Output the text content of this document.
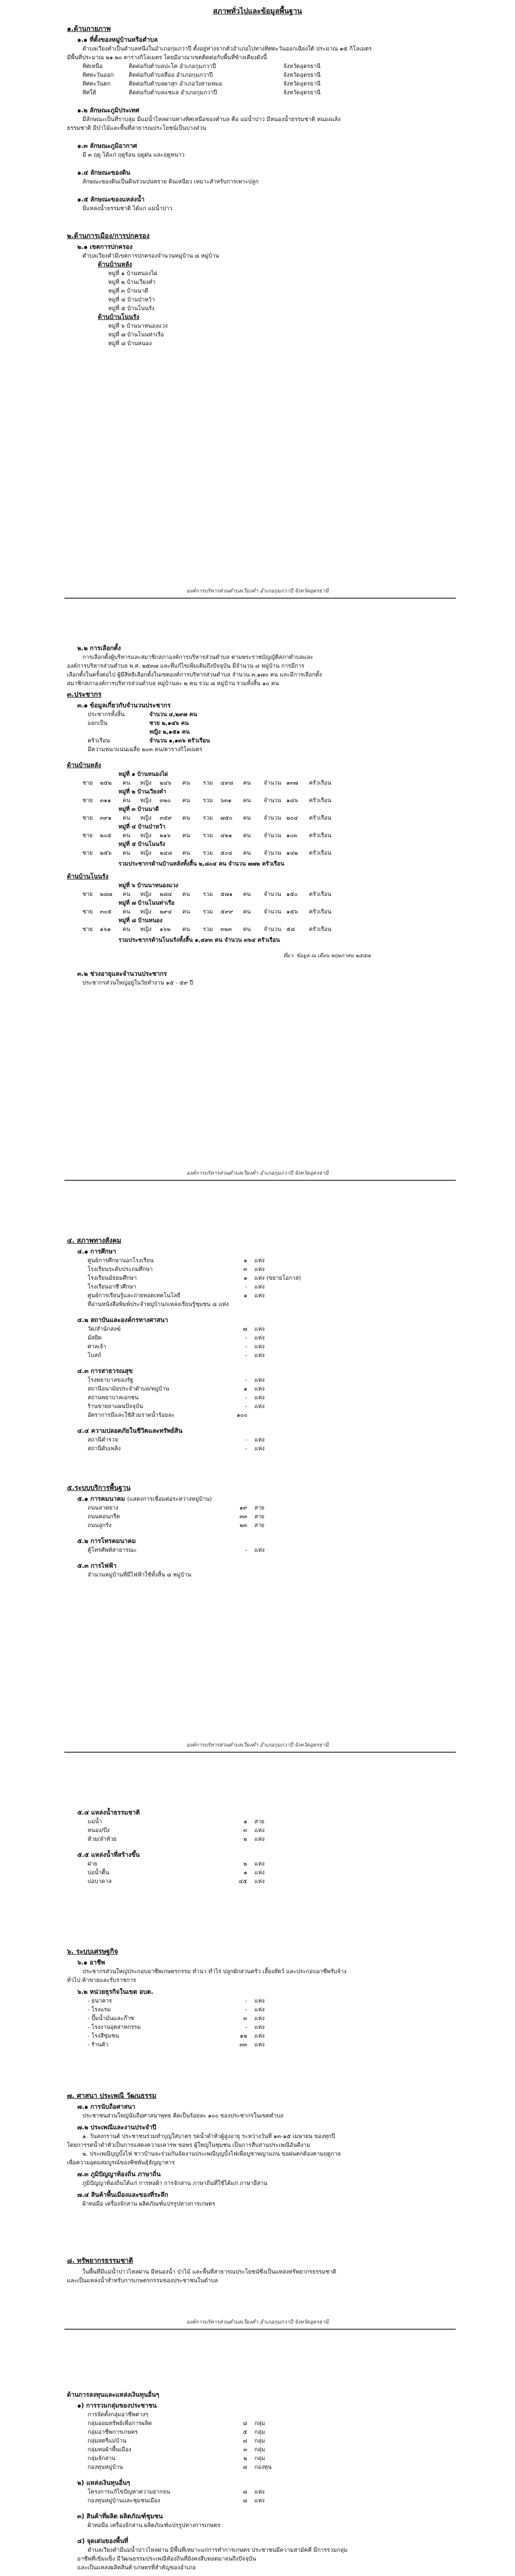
สภาพทั่วไปและข้อมูลพื้นฐาน

๑.ด้านกายภาพ

๑.๑ ที่ตั้งของหมู่บ้านหรือตำบล

ตำบลเวียงคำเป็นตำบลหนึ่งในอำเภอกุมภวาปี ตั้งอยู่ห่างจากตัวอำเภอไปทางทิศตะวันออกเฉียงใต้ ประมาณ ๑๕ กิโลเมตร

มีพื้นที่ประมาณ ๒๑.๒๐ ตารางกิโลเมตร โดยมีอาณาเขตติดต่อกับพื้นที่ข้างเคียงดังนี้

ทิศเหนือ	ติดต่อกับตำบลปะโค อำเภอกุมภวาปี	จังหวัดอุดรธานี
ทิศตะวันออก	ติดต่อกับตำบลสีออ อำเภอกุมภวาปี	จังหวัดอุดรธานี
ทิศตะวันตก	ติดต่อกับตำบลผาสุก อำเภอวังสามหมอ	จังหวัดอุดรธานี
ทิศใต้	ติดต่อกับตำบลแชแล อำเภอกุมภวาปี	จังหวัดอุดรธานี

๑.๒ ลักษณะภูมิประเทศ

มีลักษณะเป็นที่ราบลุ่ม มีแม่น้ำไหลผ่านทางทิศเหนือของตำบล คือ แม่น้ำปาว มีหนองน้ำธรรมชาติ หนองแล้ง

ธรรมชาติ มีป่าไม้และพื้นที่สาธารณประโยชน์เป็นบางส่วน

๑.๓ ลักษณะภูมิอากาศ

มี ๓ ฤดู ได้แก่ ฤดูร้อน ฤดูฝน และฤดูหนาว

๑.๔ ลักษณะของดิน

ลักษณะของดินเป็นดินร่วนปนทราย ดินเหนียว เหมาะสำหรับการเพาะปลูก

๑.๕ ลักษณะของแหล่งน้ำ

มีแหล่งน้ำธรรมชาติ ได้แก่ แม่น้ำปาว

๒.ด้านการเมือง/การปกครอง

๒.๑ เขตการปกครอง

ตำบลเวียงคำมีเขตการปกครองจำนวนหมู่บ้าน ๘ หมู่บ้าน

ด้านบ้านหลัง

หมู่ที่ ๑ บ้านหนองไผ่

หมู่ที่ ๒ บ้านเวียงคำ

หมู่ที่ ๓ บ้านนาดี

หมู่ที่ ๔ บ้านป่าหว้า

หมู่ที่ ๕ บ้านโนนรัง

ด้านบ้านโนนรัง

หมู่ที่ ๖ บ้านนาหนองแวง

หมู่ที่ ๗ บ้านโนนท่าเรือ

หมู่ที่ ๘ บ้านหนอง

องค์การบริหารส่วนตำบลเวียงคำ อำเภอกุมภวาปี จังหวัดอุดรธานี

๒.๒ การเลือกตั้ง

การเลือกตั้งผู้บริหารและสมาชิกสภาองค์การบริหารส่วนตำบล ตามพระราชบัญญัติสภาตำบลและ

องค์การบริหารส่วนตำบล พ.ศ. ๒๕๓๗ และที่แก้ไขเพิ่มเติมถึงปัจจุบัน มีจำนวน ๘ หมู่บ้าน การมีการ

เลือกตั้งในครั้งต่อไป ผู้มีสิทธิเลือกตั้งในเขตองค์การบริหารส่วนตำบล จำนวน ๓,๑๗๐ คน และมีการเลือกตั้ง

สมาชิกสภาองค์การบริหารส่วนตำบล หมู่บ้านละ ๒ คน รวม ๘ หมู่บ้าน รวมทั้งสิ้น ๑๐ คน

๓.ประชากร

๓.๑ ข้อมูลเกี่ยวกับจำนวนประชากร

ประชากรทั้งสิ้น	จำนวน ๔,๒๙๗ คน
แยกเป็น	ชาย ๒,๑๔๖ คน
หญิง ๒,๑๕๑ คน
ครัวเรือน	จำนวน ๑,๑๓๖ ครัวเรือน
มีความหนาแน่นเฉลี่ย ๒๐๓ คน/ตารางกิโลเมตร

ด้านบ้านหลัง

หมู่ที่ ๑ บ้านหนองไผ่
ชาย ๒๕๒ คน หญิง ๒๔๖ คน รวม ๔๙๘ คน จำนวน ๑๓๗ ครัวเรือน
หมู่ที่ ๒ บ้านเวียงคำ
ชาย ๓๑๑ คน หญิง ๓๒๐ คน รวม ๖๓๑ คน จำนวน ๑๘๖ ครัวเรือน
หมู่ที่ ๓ บ้านนาดี
ชาย ๓๙๑ คน หญิง ๓๕๙ คน รวม ๗๕๐ คน จำนวน ๒๐๔ ครัวเรือน
หมู่ที่ ๔ บ้านป่าหว้า
ชาย ๒๐๕ คน หญิง ๒๑๖ คน รวม ๔๒๑ คน จำนวน ๑๐๓ ครัวเรือน
หมู่ที่ ๕ บ้านโนนรัง
ชาย ๒๕๖ คน หญิง ๒๔๘ คน รวม ๕๐๔ คน จำนวน ๑๔๒ ครัวเรือน

รวมประชากรด้านบ้านหลังทั้งสิ้น ๒,๘๐๔ คน จำนวน ๗๗๒ ครัวเรือน

ด้านบ้านโนนรัง

หมู่ที่ ๖ บ้านนาหนองแวง
ชาย ๒๘๗ คน หญิง ๒๘๔ คน รวม ๕๗๑ คน จำนวน ๑๕๐ ครัวเรือน
หมู่ที่ ๗ บ้านโนนท่าเรือ
ชาย ๓๐๕ คน หญิง ๒๙๔ คน รวม ๕๙๙ คน จำนวน ๑๕๖ ครัวเรือน
หมู่ที่ ๘ บ้านหนอง
ชาย ๑๖๑ คน หญิง ๑๖๒ คน รวม ๓๒๓ คน จำนวน ๕๘ ครัวเรือน

รวมประชากรด้านโนนรังทั้งสิ้น ๑,๔๙๓ คน จำนวน ๓๖๔ ครัวเรือน

ที่มา: ข้อมูล ณ เดือน พฤษภาคม ๒๕๕๗

๓.๒ ช่วงอายุและจำนวนประชากร

ประชากรส่วนใหญ่อยู่ในวัยทำงาน ๑๕ - ๕๙ ปี

องค์การบริหารส่วนตำบลเวียงคำ อำเภอกุมภวาปี จังหวัดอุดรธานี

๔. สภาพทางสังคม

๔.๑ การศึกษา

ศูนย์การศึกษานอกโรงเรียน	๑ แห่ง
โรงเรียนระดับประถมศึกษา	๓ แห่ง
โรงเรียนมัธยมศึกษา	๑ แห่ง (ขยายโอกาส)
โรงเรียนอาชีวศึกษา	- แห่ง
ศูนย์การเรียนรู้และถ่ายทอดเทคโนโลยี	๑ แห่ง

ที่อ่านหนังสือพิมพ์ประจำหมู่บ้าน/แหล่งเรียนรู้ชุมชน ๘ แห่ง

๔.๒ สถาบันและองค์กรทางศาสนา

วัด/สำนักสงฆ์	๗ แห่ง
มัสยิด	- แห่ง
ศาลเจ้า	- แห่ง
โบสถ์	- แห่ง

๔.๓ การสาธารณสุข

โรงพยาบาลของรัฐ	- แห่ง
สถานีอนามัยประจำตำบล/หมู่บ้าน	๑ แห่ง
สถานพยาบาลเอกชน	- แห่ง
ร้านขายยาแผนปัจจุบัน	- แห่ง
อัตราการมีและใช้ส้วมราดน้ำร้อยละ	๑๐๐

๔.๔ ความปลอดภัยในชีวิตและทรัพย์สิน

สถานีตำรวจ	- แห่ง
สถานีดับเพลิง	- แห่ง

๕.ระบบบริการพื้นฐาน

๕.๑ การคมนาคม (แสดงการเชื่อมต่อระหว่างหมู่บ้าน)

ถนนลาดยาง	๑๙ สาย
ถนนคอนกรีต	๓๓ สาย
ถนนลูกรัง	๒๓ สาย

๕.๒ การโทรคมนาคม

ตู้โทรศัพท์สาธารณะ	- แห่ง

๕.๓ การไฟฟ้า

จำนวนหมู่บ้านที่มีไฟฟ้าใช้ทั้งสิ้น ๘ หมู่บ้าน

องค์การบริหารส่วนตำบลเวียงคำ อำเภอกุมภวาปี จังหวัดอุดรธานี

๕.๔ แหล่งน้ำธรรมชาติ

แม่น้ำ	๑ สาย
หนอง/บึง	๓ แห่ง
ห้วย/ลำห้วย	๒ แห่ง

๕.๕ แหล่งน้ำที่สร้างขึ้น

ฝาย	๒ แห่ง
บ่อน้ำตื้น	๑ แห่ง
บ่อบาดาล	๔๕ แห่ง

๖. ระบบเศรษฐกิจ

๖.๑ อาชีพ

ประชากรส่วนใหญ่ประกอบอาชีพเกษตรกรรม ทำนา ทำไร่ ปลูกผักสวนครัว เลี้ยงสัตว์ และประกอบอาชีพรับจ้าง

ทั่วไป ค้าขายและรับราชการ

๖.๒ หน่วยธุรกิจในเขต อบต.

- ธนาคาร	- แห่ง
- โรงแรม	- แห่ง
- ปั๊มน้ำมันและก๊าซ	๓ แห่ง
- โรงงานอุตสาหกรรม	- แห่ง
- โรงสีชุมชน	๑๒ แห่ง
- ร้านค้า	๓๓ แห่ง

๗. ศาสนา ประเพณี วัฒนธรรม

๗.๑ การนับถือศาสนา

ประชาชนส่วนใหญ่นับถือศาสนาพุทธ คิดเป็นร้อยละ ๑๐๐ ของประชากรในเขตตำบล

๗.๒ ประเพณีและงานประจำปี

๑. วันสงกรานต์ ประชาชนร่วมทำบุญใส่บาตร รดน้ำดำหัวผู้สูงอายุ ระหว่างวันที่ ๑๓-๑๕ เมษายน ของทุกปี

โดยการรดน้ำดำหัวเป็นการแสดงความเคารพ ขอพร ผู้ใหญ่ในชุมชน เป็นการสืบสานประเพณีอันดีงาม

๒. ประเพณีบุญบั้งไฟ ชาวบ้านจะร่วมกันจัดงานประเพณีบุญบั้งไฟเพื่อบูชาพญาแถน ขอฝนตกต้องตามฤดูกาล

เพื่อความอุดมสมบูรณ์ของพืชพันธุ์ธัญญาหาร

๗.๓ ภูมิปัญญาท้องถิ่น ภาษาถิ่น

ภูมิปัญญาท้องถิ่นได้แก่ การทอผ้า การจักสาน ภาษาถิ่นที่ใช้ได้แก่ ภาษาอีสาน

๗.๔ สินค้าพื้นเมืองและของที่ระลึก

ผ้าทอมือ เครื่องจักสาน ผลิตภัณฑ์แปรรูปทางการเกษตร

๘. ทรัพยากรธรรมชาติ

ในพื้นที่มีแม่น้ำปาวไหลผ่าน มีหนองน้ำ ป่าไม้ และพื้นที่สาธารณประโยชน์ซึ่งเป็นแหล่งทรัพยากรธรรมชาติ

และเป็นแหล่งน้ำสำหรับการเกษตรกรรมของประชาชนในตำบล

องค์การบริหารส่วนตำบลเวียงคำ อำเภอกุมภวาปี จังหวัดอุดรธานี

ด้านการลงทุนและแหล่งเงินทุนอื่นๆ

๑) การรวมกลุ่มของประชาชน

การจัดตั้งกลุ่มอาชีพต่างๆ

กลุ่มออมทรัพย์เพื่อการผลิต	๘ กลุ่ม
กลุ่มอาชีพการเกษตร	๕ กลุ่ม
กลุ่มสตรีแม่บ้าน	๘ กลุ่ม
กลุ่มทอผ้าพื้นเมือง	๓ กลุ่ม
กลุ่มจักสาน	๒ กลุ่ม
กองทุนหมู่บ้าน	๘ กองทุน

๒) แหล่งเงินทุนอื่นๆ

โครงการแก้ไขปัญหาความยากจน	๘ แห่ง
กองทุนหมู่บ้านและชุมชนเมือง	๘ แห่ง

๓) สินค้าที่ผลิต ผลิตภัณฑ์ชุมชน

ผ้าทอมือ เครื่องจักสาน ผลิตภัณฑ์แปรรูปทางการเกษตร

๔) จุดเด่นของพื้นที่

ตำบลเวียงคำมีแม่น้ำปาวไหลผ่าน มีพื้นที่เหมาะแก่การทำการเกษตร ประชาชนมีความสามัคคี มีการรวมกลุ่ม

อาชีพที่เข้มแข็ง มีวัฒนธรรมประเพณีท้องถิ่นที่ยังคงสืบทอดมาจนถึงปัจจุบัน

และเป็นแหล่งผลิตสินค้าเกษตรที่สำคัญของอำเภอ
